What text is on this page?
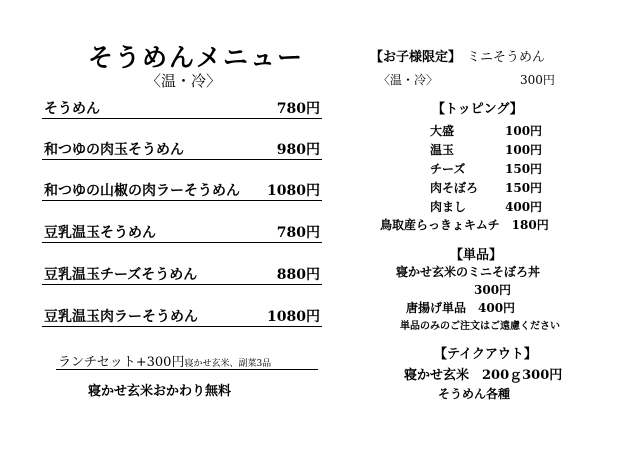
そうめんメニュー
〈温・冷〉
そうめん	780円
和つゆの肉玉そうめん	980円
和つゆの山椒の肉ラーそうめん	1080円
豆乳温玉そうめん	780円
豆乳温玉チーズそうめん	880円
豆乳温玉肉ラーそうめん	1080円
ランチセット+300円寝かせ玄米、副菜3品
寝かせ玄米おかわり無料
【お子様限定】 ミニそうめん
〈温・冷〉	300円
【トッピング】
大盛	100円
温玉	100円
チーズ	150円
肉そぼろ 150円
肉まし	400円
鳥取産らっきょキムチ　180円
【単品】
寝かせ玄米のミニそぼろ丼
300円
唐揚げ単品　400円
単品のみのご注文はご遠慮ください
【テイクアウト】
寝かせ玄米　200ｇ300円
そうめん各種
